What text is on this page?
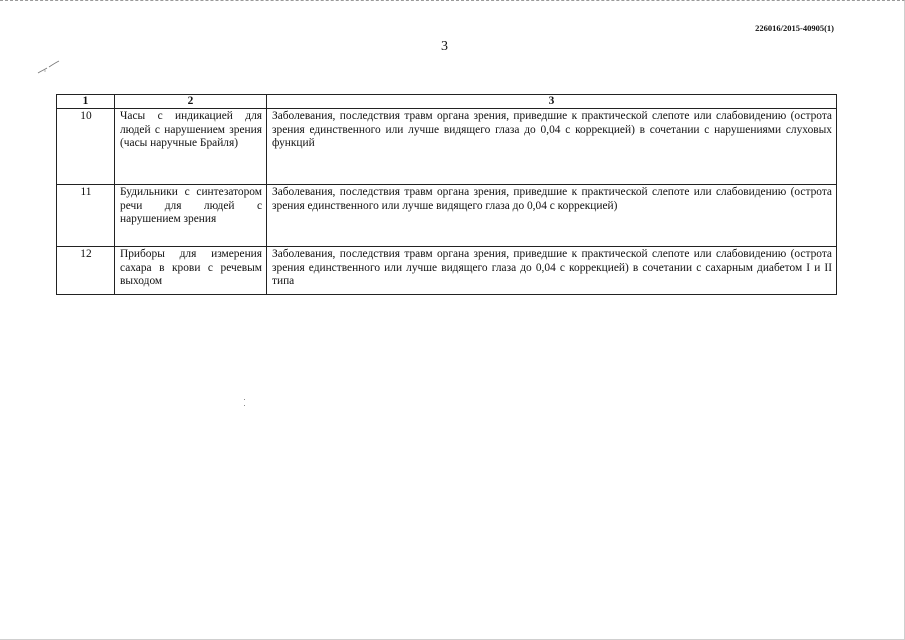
226016/2015-40905(1)
3
1	2	3
10	Часы с индикацией для людей с нарушением зрения (часы наручные Брайля)	Заболевания, последствия травм органа зрения, приведшие к практической слепоте или слабовидению (острота зрения единственного или лучше видящего глаза до 0,04 с коррекцией) в сочетании с нарушениями слуховых функций
11	Будильники с синтезатором речи для людей с нарушением зрения	Заболевания, последствия травм органа зрения, приведшие к практической слепоте или слабовидению (острота зрения единственного или лучше видящего глаза до 0,04 с коррекцией)
12	Приборы для измерения сахара в крови с речевым выходом	Заболевания, последствия травм органа зрения, приведшие к практической слепоте или слабовидению (острота зрения единственного или лучше видящего глаза до 0,04 с коррекцией) в сочетании с сахарным диабетом I и II типа
